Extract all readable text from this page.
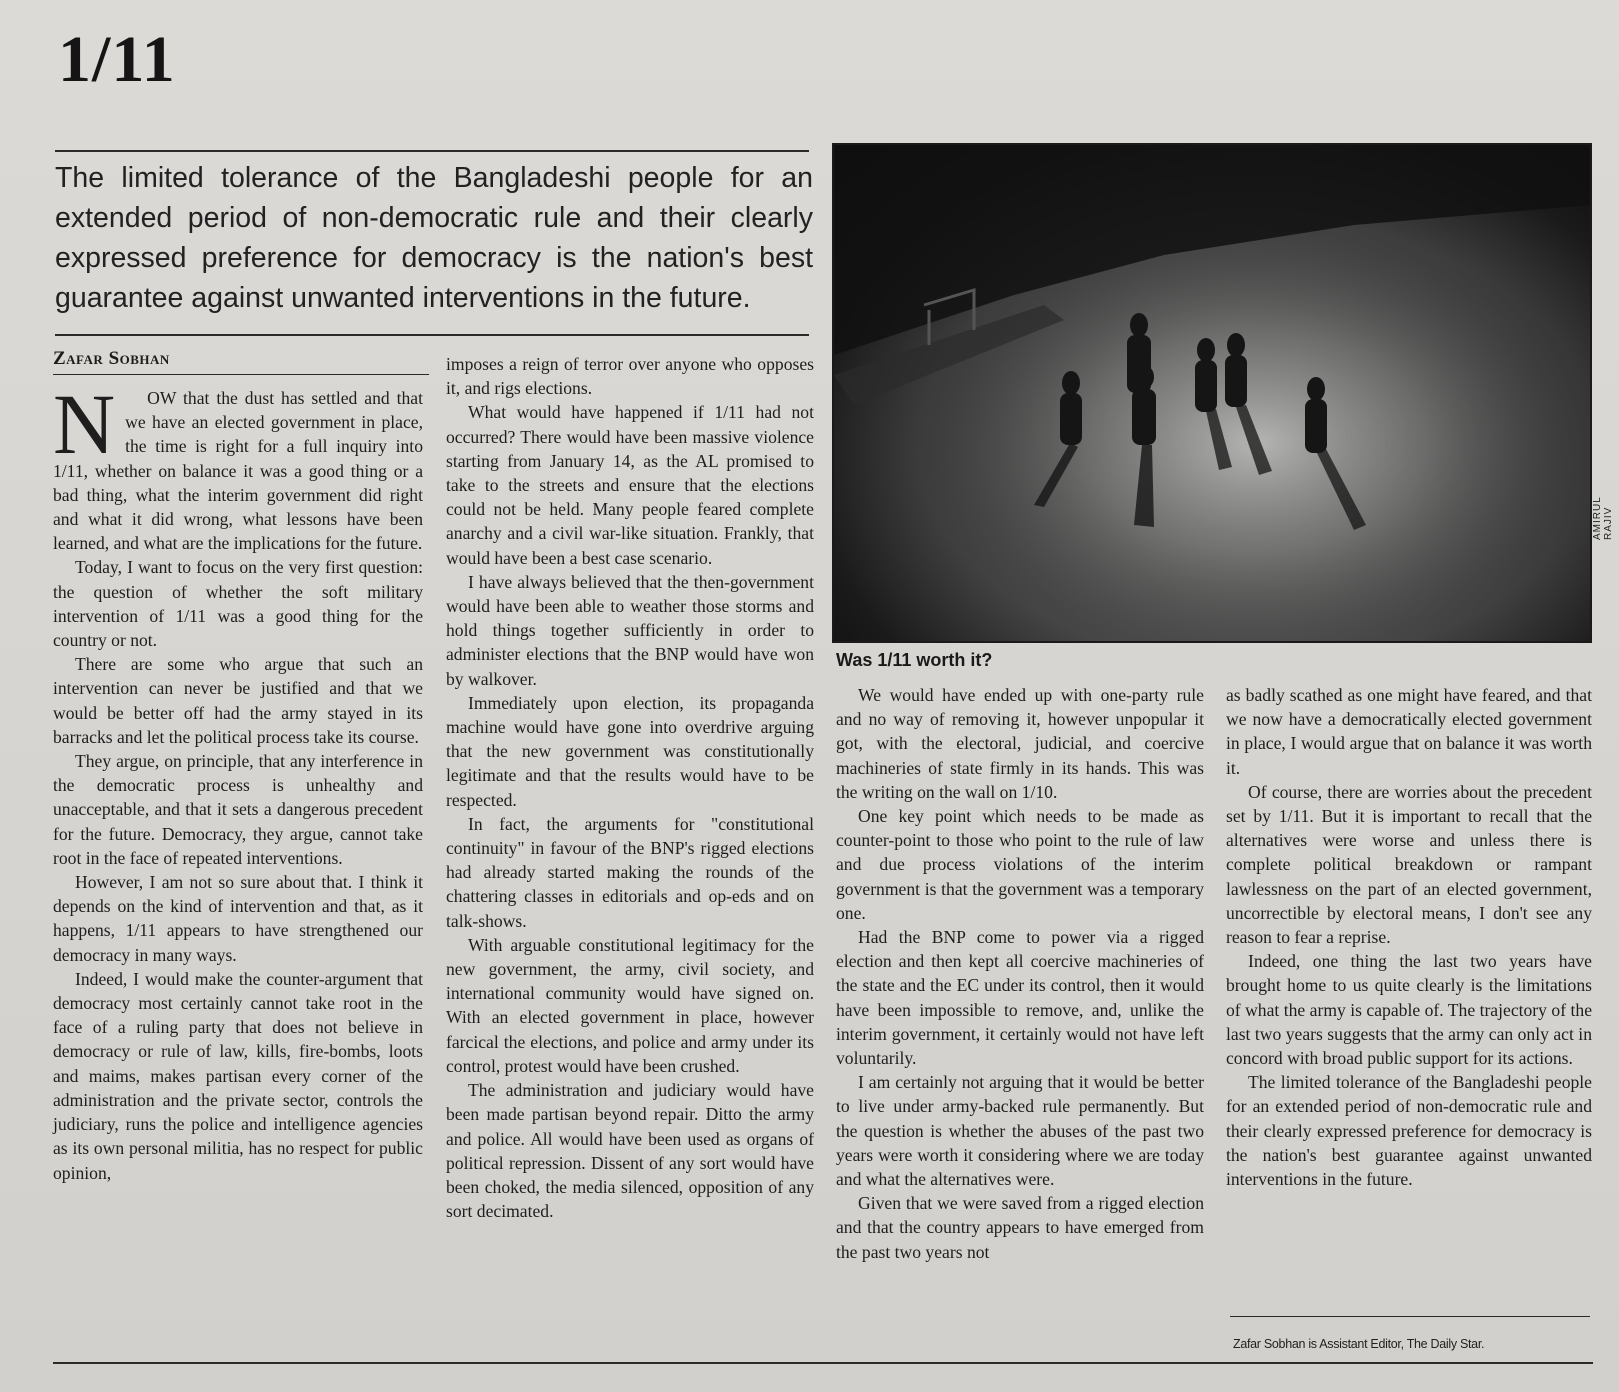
1/11
The limited tolerance of the Bangladeshi people for an extended period of non-democratic rule and their clearly expressed preference for democracy is the nation's best guarantee against unwanted interventions in the future.
Zafar Sobhan

N OW that the dust has settled and that we have an elected government in place, the time is right for a full inquiry into 1/11, whether on balance it was a good thing or a bad thing, what the interim government did right and what it did wrong, what lessons have been learned, and what are the implications for the future.

Today, I want to focus on the very first question: the question of whether the soft military intervention of 1/11 was a good thing for the country or not.

There are some who argue that such an intervention can never be justified and that we would be better off had the army stayed in its barracks and let the political process take its course.

They argue, on principle, that any interference in the democratic process is unhealthy and unacceptable, and that it sets a dangerous precedent for the future. Democracy, they argue, cannot take root in the face of repeated interventions.

However, I am not so sure about that. I think it depends on the kind of intervention and that, as it happens, 1/11 appears to have strengthened our democracy in many ways.

Indeed, I would make the counter-argument that democracy most certainly cannot take root in the face of a ruling party that does not believe in democracy or rule of law, kills, fire-bombs, loots and maims, makes partisan every corner of the administration and the private sector, controls the judiciary, runs the police and intelligence agencies as its own personal militia, has no respect for public opinion,

imposes a reign of terror over anyone who opposes it, and rigs elections.

What would have happened if 1/11 had not occurred? There would have been massive violence starting from January 14, as the AL promised to take to the streets and ensure that the elections could not be held. Many people feared complete anarchy and a civil war-like situation. Frankly, that would have been a best case scenario.

I have always believed that the then-government would have been able to weather those storms and hold things together sufficiently in order to administer elections that the BNP would have won by walkover.

Immediately upon election, its propaganda machine would have gone into overdrive arguing that the new government was constitutionally legitimate and that the results would have to be respected.

In fact, the arguments for "constitutional continuity" in favour of the BNP's rigged elections had already started making the rounds of the chattering classes in editorials and op-eds and on talk-shows.

With arguable constitutional legitimacy for the new government, the army, civil society, and international community would have signed on. With an elected government in place, however farcical the elections, and police and army under its control, protest would have been crushed.

The administration and judiciary would have been made partisan beyond repair. Ditto the army and police. All would have been used as organs of political repression. Dissent of any sort would have been choked, the media silenced, opposition of any sort decimated.

AMIRUL RAJIV
Was 1/11 worth it?

We would have ended up with one-party rule and no way of removing it, however unpopular it got, with the electoral, judicial, and coercive machineries of state firmly in its hands. This was the writing on the wall on 1/10.

One key point which needs to be made as counter-point to those who point to the rule of law and due process violations of the interim government is that the government was a temporary one.

Had the BNP come to power via a rigged election and then kept all coercive machineries of the state and the EC under its control, then it would have been impossible to remove, and, unlike the interim government, it certainly would not have left voluntarily.

I am certainly not arguing that it would be better to live under army-backed rule permanently. But the question is whether the abuses of the past two years were worth it considering where we are today and what the alternatives were.

Given that we were saved from a rigged election and that the country appears to have emerged from the past two years not

as badly scathed as one might have feared, and that we now have a democratically elected government in place, I would argue that on balance it was worth it.

Of course, there are worries about the precedent set by 1/11. But it is important to recall that the alternatives were worse and unless there is complete political breakdown or rampant lawlessness on the part of an elected government, uncorrectible by electoral means, I don't see any reason to fear a reprise.

Indeed, one thing the last two years have brought home to us quite clearly is the limitations of what the army is capable of. The trajectory of the last two years suggests that the army can only act in concord with broad public support for its actions.

The limited tolerance of the Bangladeshi people for an extended period of non-democratic rule and their clearly expressed preference for democracy is the nation's best guarantee against unwanted interventions in the future.

Zafar Sobhan is Assistant Editor, The Daily Star.
